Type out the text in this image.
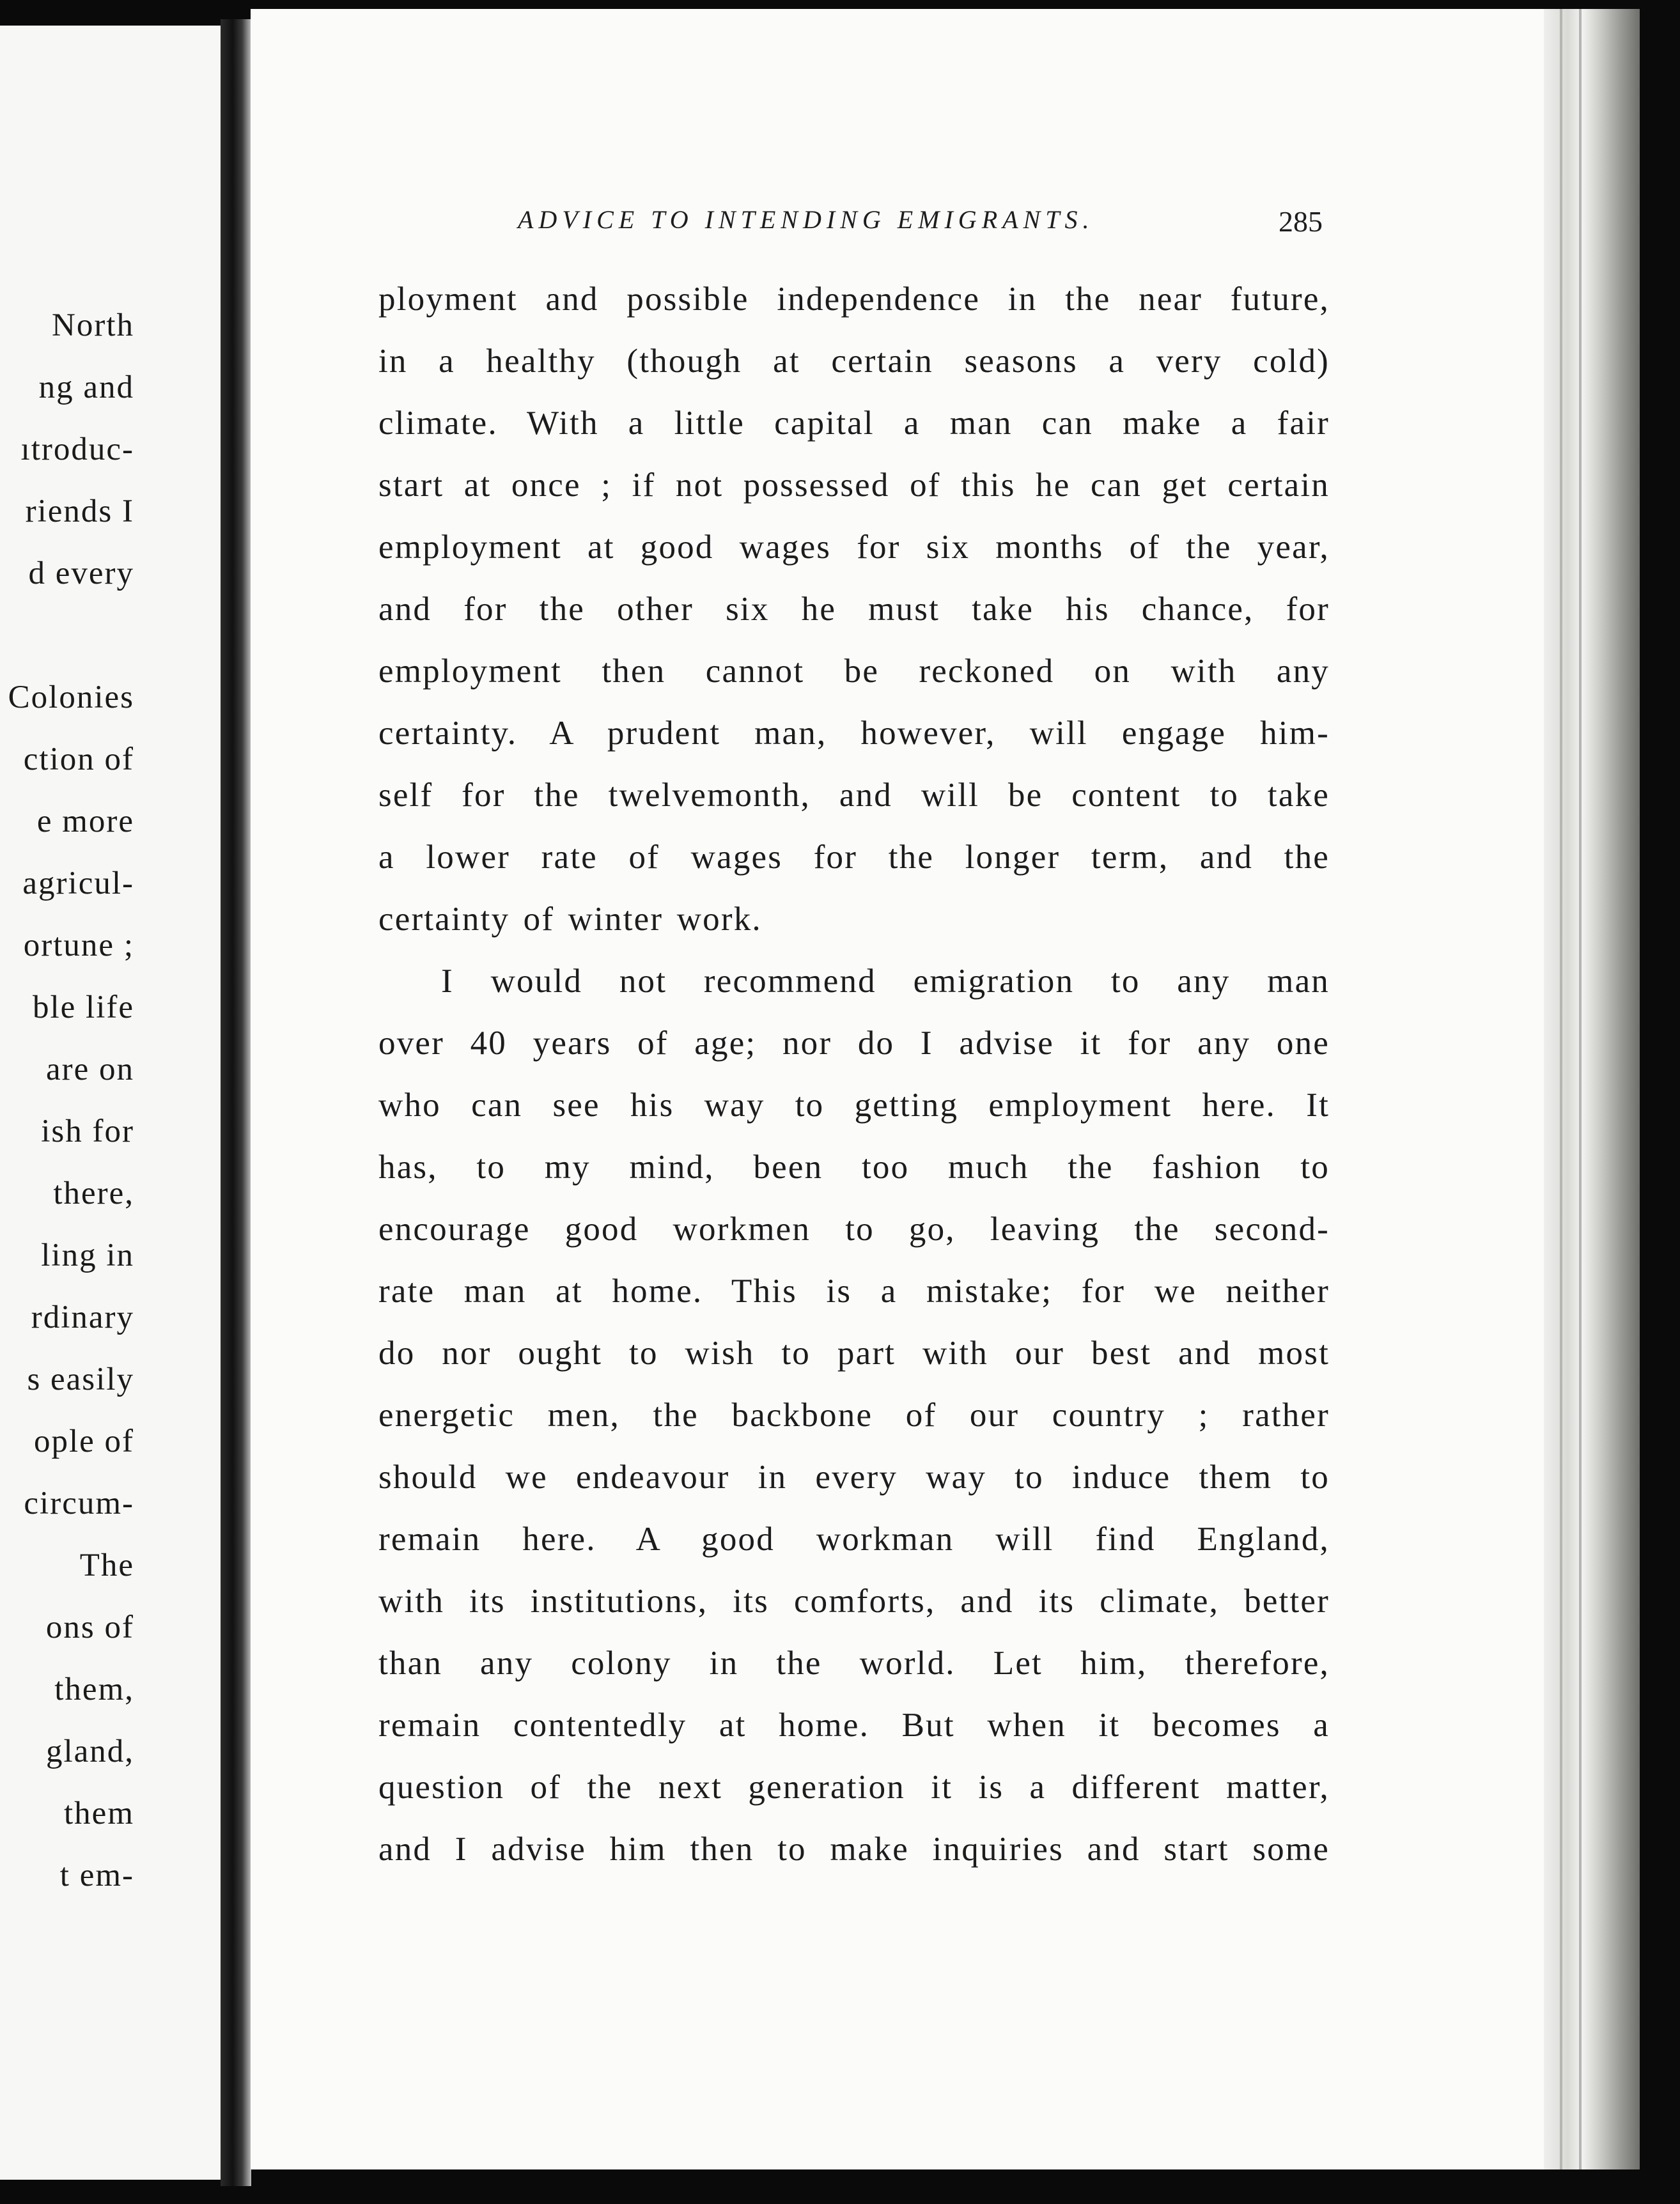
North
ng and
ıtroduc-
riends I
d every
Colonies
ction of
e more
agricul-
ortune ;
ble life
are on
ish for
there,
ling in
rdinary
s easily
ople of
circum-
The
ons of
them,
gland,
them
t em-
ADVICE TO INTENDING EMIGRANTS.	285
ployment and possible independence in the near future,
in a healthy (though at certain seasons a very cold)
climate. With a little capital a man can make a fair
start at once ; if not possessed of this he can get certain
employment at good wages for six months of the year,
and for the other six he must take his chance, for
employment then cannot be reckoned on with any
certainty. A prudent man, however, will engage him-
self for the twelvemonth, and will be content to take
a lower rate of wages for the longer term, and the
certainty of winter work.
I would not recommend emigration to any man
over 40 years of age; nor do I advise it for any one
who can see his way to getting employment here. It
has, to my mind, been too much the fashion to
encourage good workmen to go, leaving the second-
rate man at home. This is a mistake; for we neither
do nor ought to wish to part with our best and most
energetic men, the backbone of our country ; rather
should we endeavour in every way to induce them to
remain here. A good workman will find England,
with its institutions, its comforts, and its climate, better
than any colony in the world. Let him, therefore,
remain contentedly at home. But when it becomes a
question of the next generation it is a different matter,
and I advise him then to make inquiries and start some
